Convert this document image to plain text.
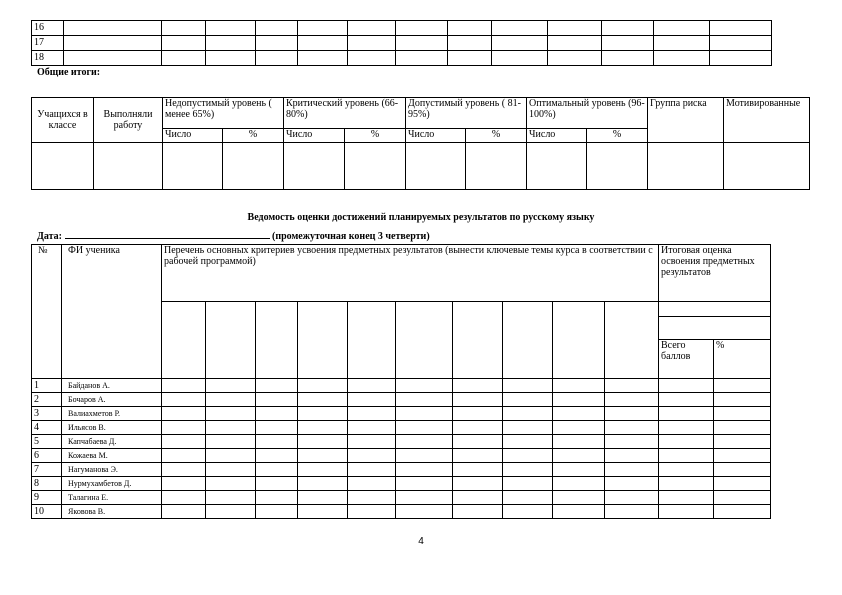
16													
17													
18													
Общие итоги:
Учащихся в классе	Выполняли работу	Недопустимый уровень ( менее 65%)		Критический уровень (66-80%)		Допустимый уровень ( 81-95%)		Оптимальный уровень (96-100%)		Группа риска	Мотивированные
		Число	%	Число	%	Число	%	Число	%		

Ведомость оценки достижений планируемых результатов по русскому языку
Дата:	(промежуточная конец 3 четверти)
№	ФИ ученика	Перечень основных критериев усвоения предметных результатов (вынести ключевые темы курса в соответствии с рабочей программой)										Итоговая оценка освоения предметных результатов	

												Всего баллов	%
1	Байданов А.												
2	Бочаров А.												
3	Валиахметов Р.												
4	Ильясов В.												
5	Капчабаева Д.												
6	Кожаева М.												
7	Нагуманова Э.												
8	Нурмухамбетов Д.												
9	Талагина Е.												
10	Яковова В.												
4
